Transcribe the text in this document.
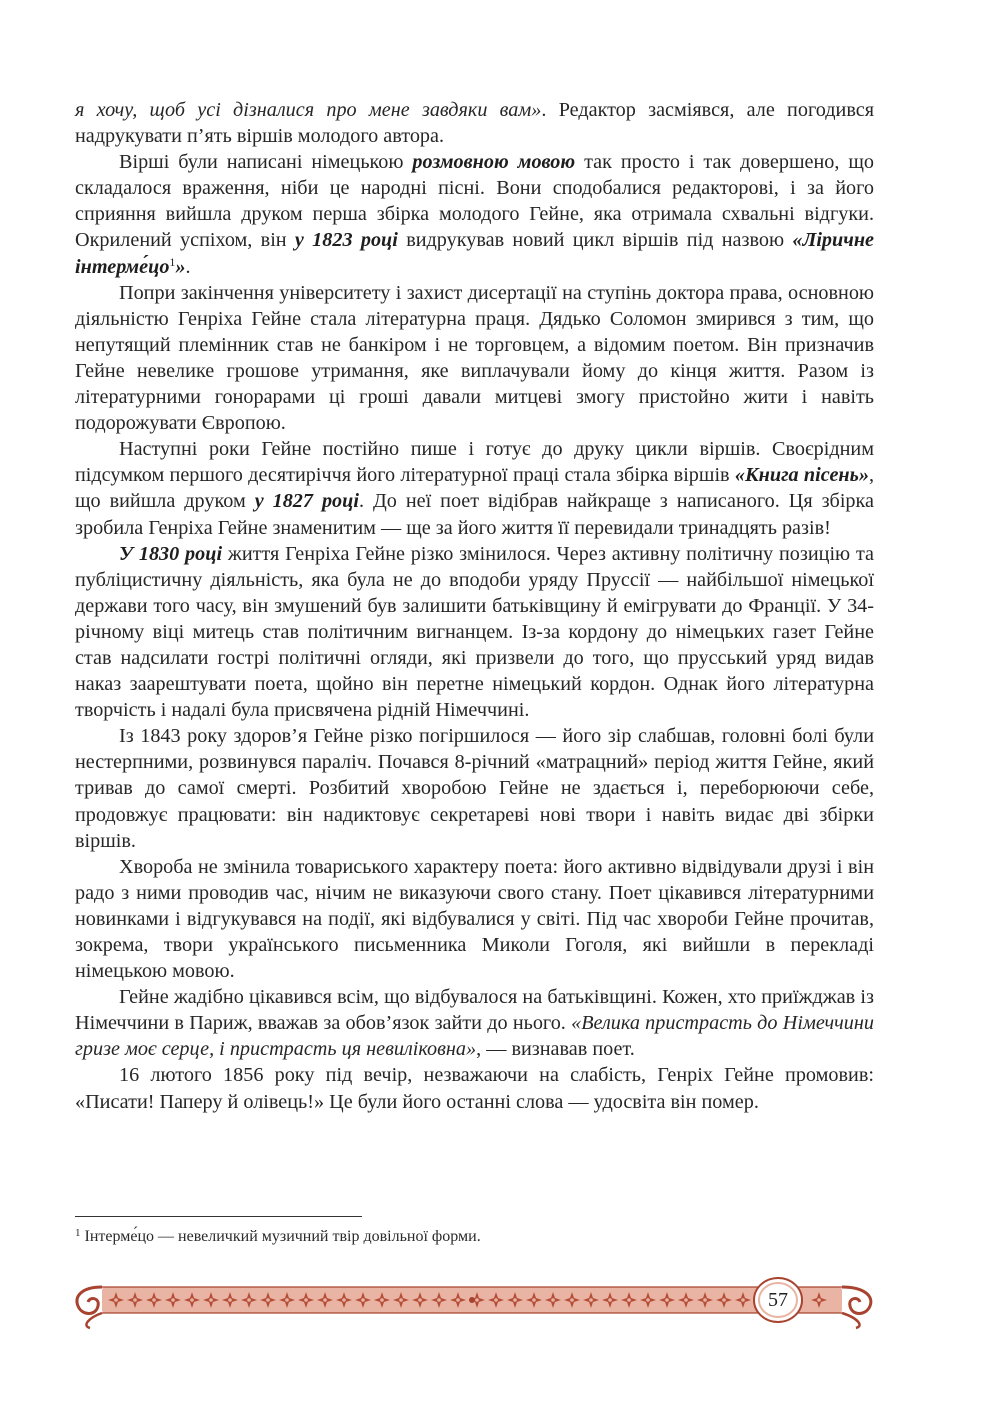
я хочу, щоб усі дізналися про мене завдяки вам». Редактор засміявся, але погодився надрукувати п’ять віршів молодого автора.

Вірші були написані німецькою розмовною мовою так просто і так довершено, що складалося враження, ніби це народні пісні. Вони сподобалися редакторові, і за його сприяння вийшла друком перша збірка молодого Гейне, яка отримала схвальні відгуки. Окрилений успіхом, він у 1823 році видрукував новий цикл віршів під назвою «Ліричне інтерме́цо$^1$».

Попри закінчення університету і захист дисертації на ступінь доктора права, основною діяльністю Генріха Гейне стала літературна праця. Дядько Соломон змирився з тим, що непутящий племінник став не банкіром і не торговцем, а відомим поетом. Він призначив Гейне невелике грошове утримання, яке виплачували йому до кінця життя. Разом із літературними гонорарами ці гроші давали митцеві змогу пристойно жити і навіть подорожувати Європою.

Наступні роки Гейне постійно пише і готує до друку цикли віршів. Своєрідним підсумком першого десятиріччя його літературної праці стала збірка віршів «Книга пісень», що вийшла друком у 1827 році. До неї поет відібрав найкраще з написаного. Ця збірка зробила Генріха Гейне знаменитим — ще за його життя її перевидали тринадцять разів!

У 1830 році життя Генріха Гейне різко змінилося. Через активну політичну позицію та публіцистичну діяльність, яка була не до вподоби уряду Пруссії — найбільшої німецької держави того часу, він змушений був залишити батьківщину й емігрувати до Франції. У 34-річному віці митець став політичним вигнанцем. Із-за кордону до німецьких газет Гейне став надсилати гострі політичні огляди, які призвели до того, що прусський уряд видав наказ заарештувати поета, щойно він перетне німецький кордон. Однак його літературна творчість і надалі була присвячена рідній Німеччині.

Із 1843 року здоров’я Гейне різко погіршилося — його зір слабшав, головні болі були нестерпними, розвинувся параліч. Почався 8-річний «матрацний» період життя Гейне, який тривав до самої смерті. Розбитий хворобою Гейне не здається і, переборюючи себе, продовжує працювати: він надиктовує секретареві нові твори і навіть видає дві збірки віршів.

Хвороба не змінила товариського характеру поета: його активно відвідували друзі і він радо з ними проводив час, нічим не виказуючи свого стану. Поет цікавився літературними новинками і відгукувався на події, які відбувалися у світі. Під час хвороби Гейне прочитав, зокрема, твори українського письменника Миколи Гоголя, які вийшли в перекладі німецькою мовою.

Гейне жадібно цікавився всім, що відбувалося на батьківщині. Кожен, хто приїжджав із Німеччини в Париж, вважав за обов’язок зайти до нього. «Велика пристрасть до Німеччини гризе моє серце, і пристрасть ця невиліковна», — визнавав поет.

16 лютого 1856 року під вечір, незважаючи на слабість, Генріх Гейне промовив: «Писати! Паперу й олівець!» Це були його останні слова — удосвіта він помер.

$^1$ Інтерме́цо — невеличкий музичний твір довільної форми.
57
